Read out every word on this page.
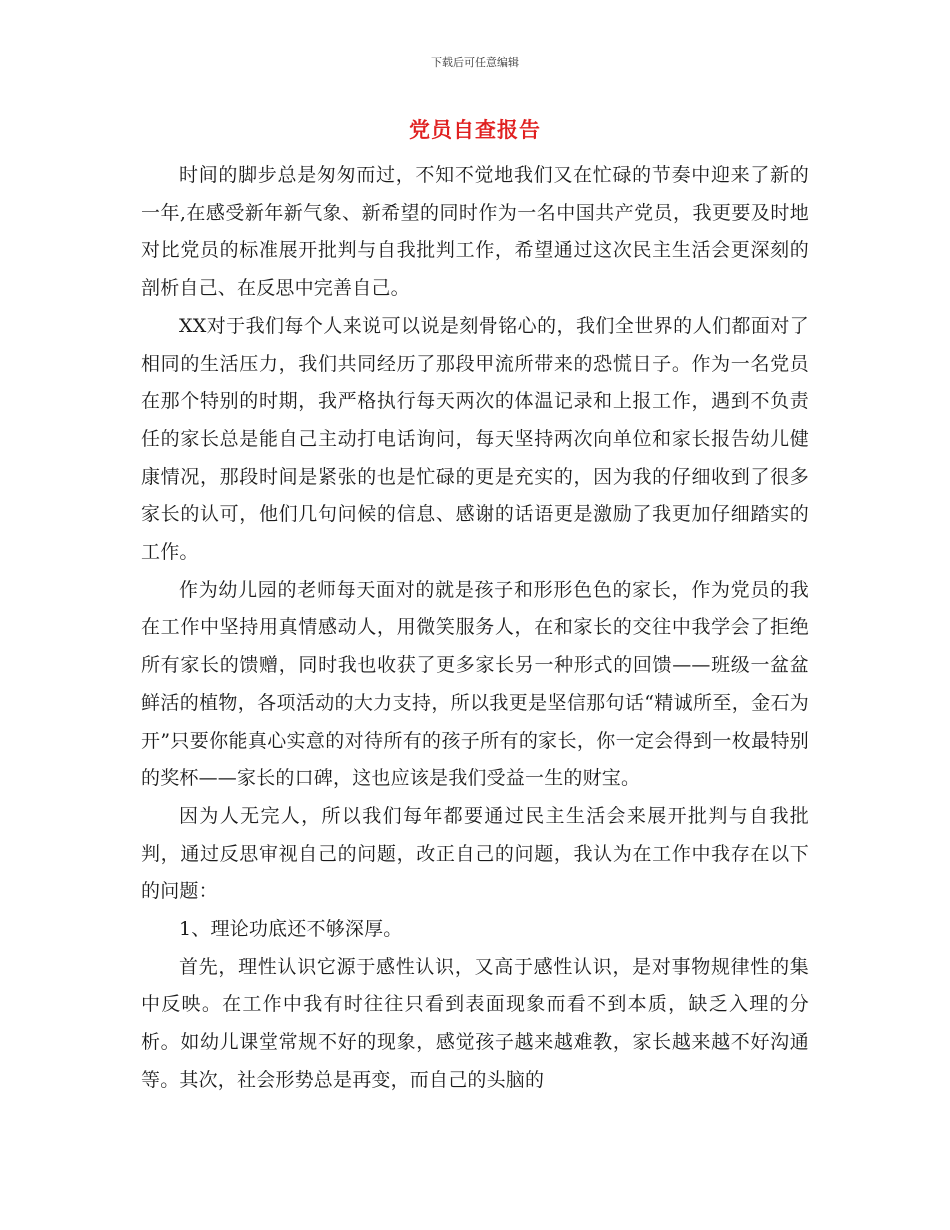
下载后可任意编辑
党员自查报告

时间的脚步总是匆匆而过，不知不觉地我们又在忙碌的节奏中迎来了新的一年,在感受新年新气象、新希望的同时作为一名中国共产党员，我更要及时地对比党员的标准展开批判与自我批判工作，希望通过这次民主生活会更深刻的剖析自己、在反思中完善自己。

XX对于我们每个人来说可以说是刻骨铭心的，我们全世界的人们都面对了相同的生活压力，我们共同经历了那段甲流所带来的恐慌日子。作为一名党员在那个特别的时期，我严格执行每天两次的体温记录和上报工作，遇到不负责任的家长总是能自己主动打电话询问，每天坚持两次向单位和家长报告幼儿健康情况，那段时间是紧张的也是忙碌的更是充实的，因为我的仔细收到了很多家长的认可，他们几句问候的信息、感谢的话语更是激励了我更加仔细踏实的工作。

作为幼儿园的老师每天面对的就是孩子和形形色色的家长，作为党员的我在工作中坚持用真情感动人，用微笑服务人，在和家长的交往中我学会了拒绝所有家长的馈赠，同时我也收获了更多家长另一种形式的回馈——班级一盆盆鲜活的植物，各项活动的大力支持，所以我更是坚信那句话“精诚所至，金石为开”只要你能真心实意的对待所有的孩子所有的家长，你一定会得到一枚最特别的奖杯——家长的口碑，这也应该是我们受益一生的财宝。

因为人无完人，所以我们每年都要通过民主生活会来展开批判与自我批判，通过反思审视自己的问题，改正自己的问题，我认为在工作中我存在以下的问题：

1、理论功底还不够深厚。

首先，理性认识它源于感性认识，又高于感性认识，是对事物规律性的集中反映。在工作中我有时往往只看到表面现象而看不到本质，缺乏入理的分析。如幼儿课堂常规不好的现象，感觉孩子越来越难教，家长越来越不好沟通等。其次，社会形势总是再变，而自己的头脑的
